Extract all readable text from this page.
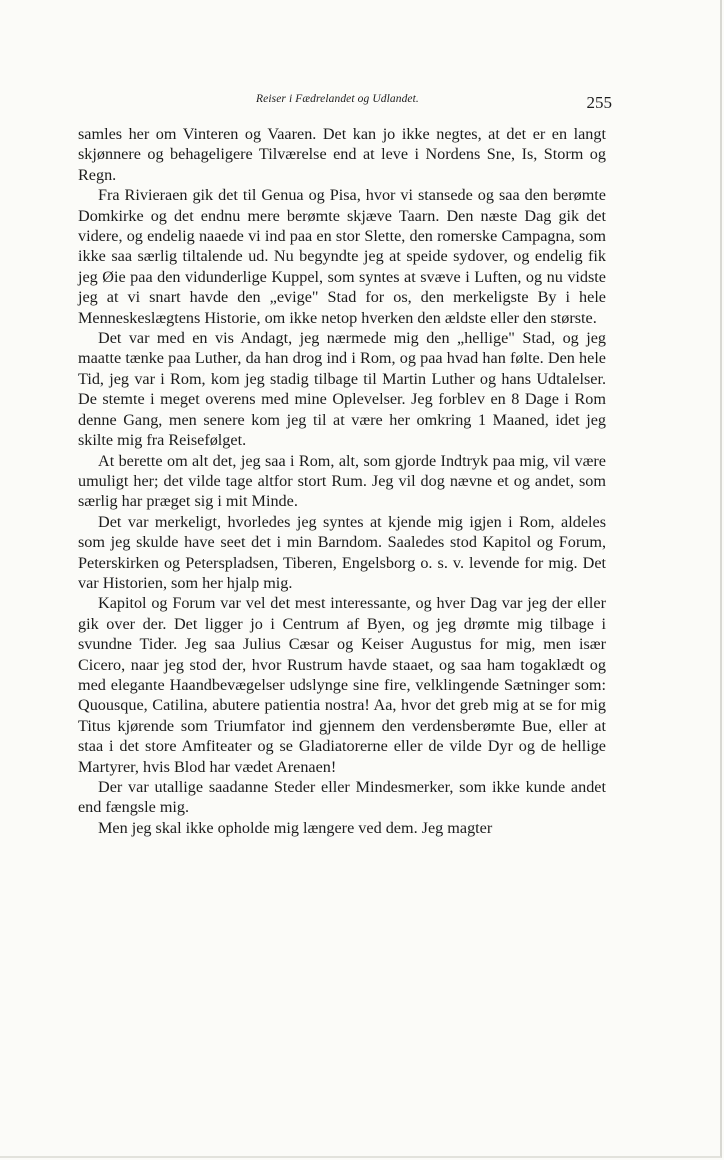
Reiser i Fædrelandet og Udlandet.	255

samles her om Vinteren og Vaaren. Det kan jo ikke negtes, at det er en langt skjønnere og behageligere Tilværelse end at leve i Nordens Sne, Is, Storm og Regn.

Fra Rivieraen gik det til Genua og Pisa, hvor vi stansede og saa den berømte Domkirke og det endnu mere berømte skjæve Taarn. Den næste Dag gik det videre, og endelig naaede vi ind paa en stor Slette, den romerske Campagna, som ikke saa særlig tiltalende ud. Nu begyndte jeg at speide sydover, og endelig fik jeg Øie paa den vidunderlige Kuppel, som syntes at svæve i Luften, og nu vidste jeg at vi snart havde den „evige" Stad for os, den merkeligste By i hele Menneskeslægtens Historie, om ikke netop hverken den ældste eller den største.

Det var med en vis Andagt, jeg nærmede mig den „hellige" Stad, og jeg maatte tænke paa Luther, da han drog ind i Rom, og paa hvad han følte. Den hele Tid, jeg var i Rom, kom jeg stadig tilbage til Martin Luther og hans Udtalelser. De stemte i meget overens med mine Oplevelser. Jeg forblev en 8 Dage i Rom denne Gang, men senere kom jeg til at være her omkring 1 Maaned, idet jeg skilte mig fra Reisefølget.

At berette om alt det, jeg saa i Rom, alt, som gjorde Indtryk paa mig, vil være umuligt her; det vilde tage altfor stort Rum. Jeg vil dog nævne et og andet, som særlig har præget sig i mit Minde.

Det var merkeligt, hvorledes jeg syntes at kjende mig igjen i Rom, aldeles som jeg skulde have seet det i min Barndom. Saaledes stod Kapitol og Forum, Peterskirken og Peterspladsen, Tiberen, Engelsborg o. s. v. levende for mig. Det var Historien, som her hjalp mig.

Kapitol og Forum var vel det mest interessante, og hver Dag var jeg der eller gik over der. Det ligger jo i Centrum af Byen, og jeg drømte mig tilbage i svundne Tider. Jeg saa Julius Cæsar og Keiser Augustus for mig, men især Cicero, naar jeg stod der, hvor Rustrum havde staaet, og saa ham togaklædt og med elegante Haandbevægelser udslynge sine fire, velklingende Sætninger som: Quousque, Catilina, abutere patientia nostra! Aa, hvor det greb mig at se for mig Titus kjørende som Triumfator ind gjennem den verdensberømte Bue, eller at staa i det store Amfiteater og se Gladiatorerne eller de vilde Dyr og de hellige Martyrer, hvis Blod har vædet Arenaen!

Der var utallige saadanne Steder eller Mindesmerker, som ikke kunde andet end fængsle mig.

Men jeg skal ikke opholde mig længere ved dem. Jeg magter
